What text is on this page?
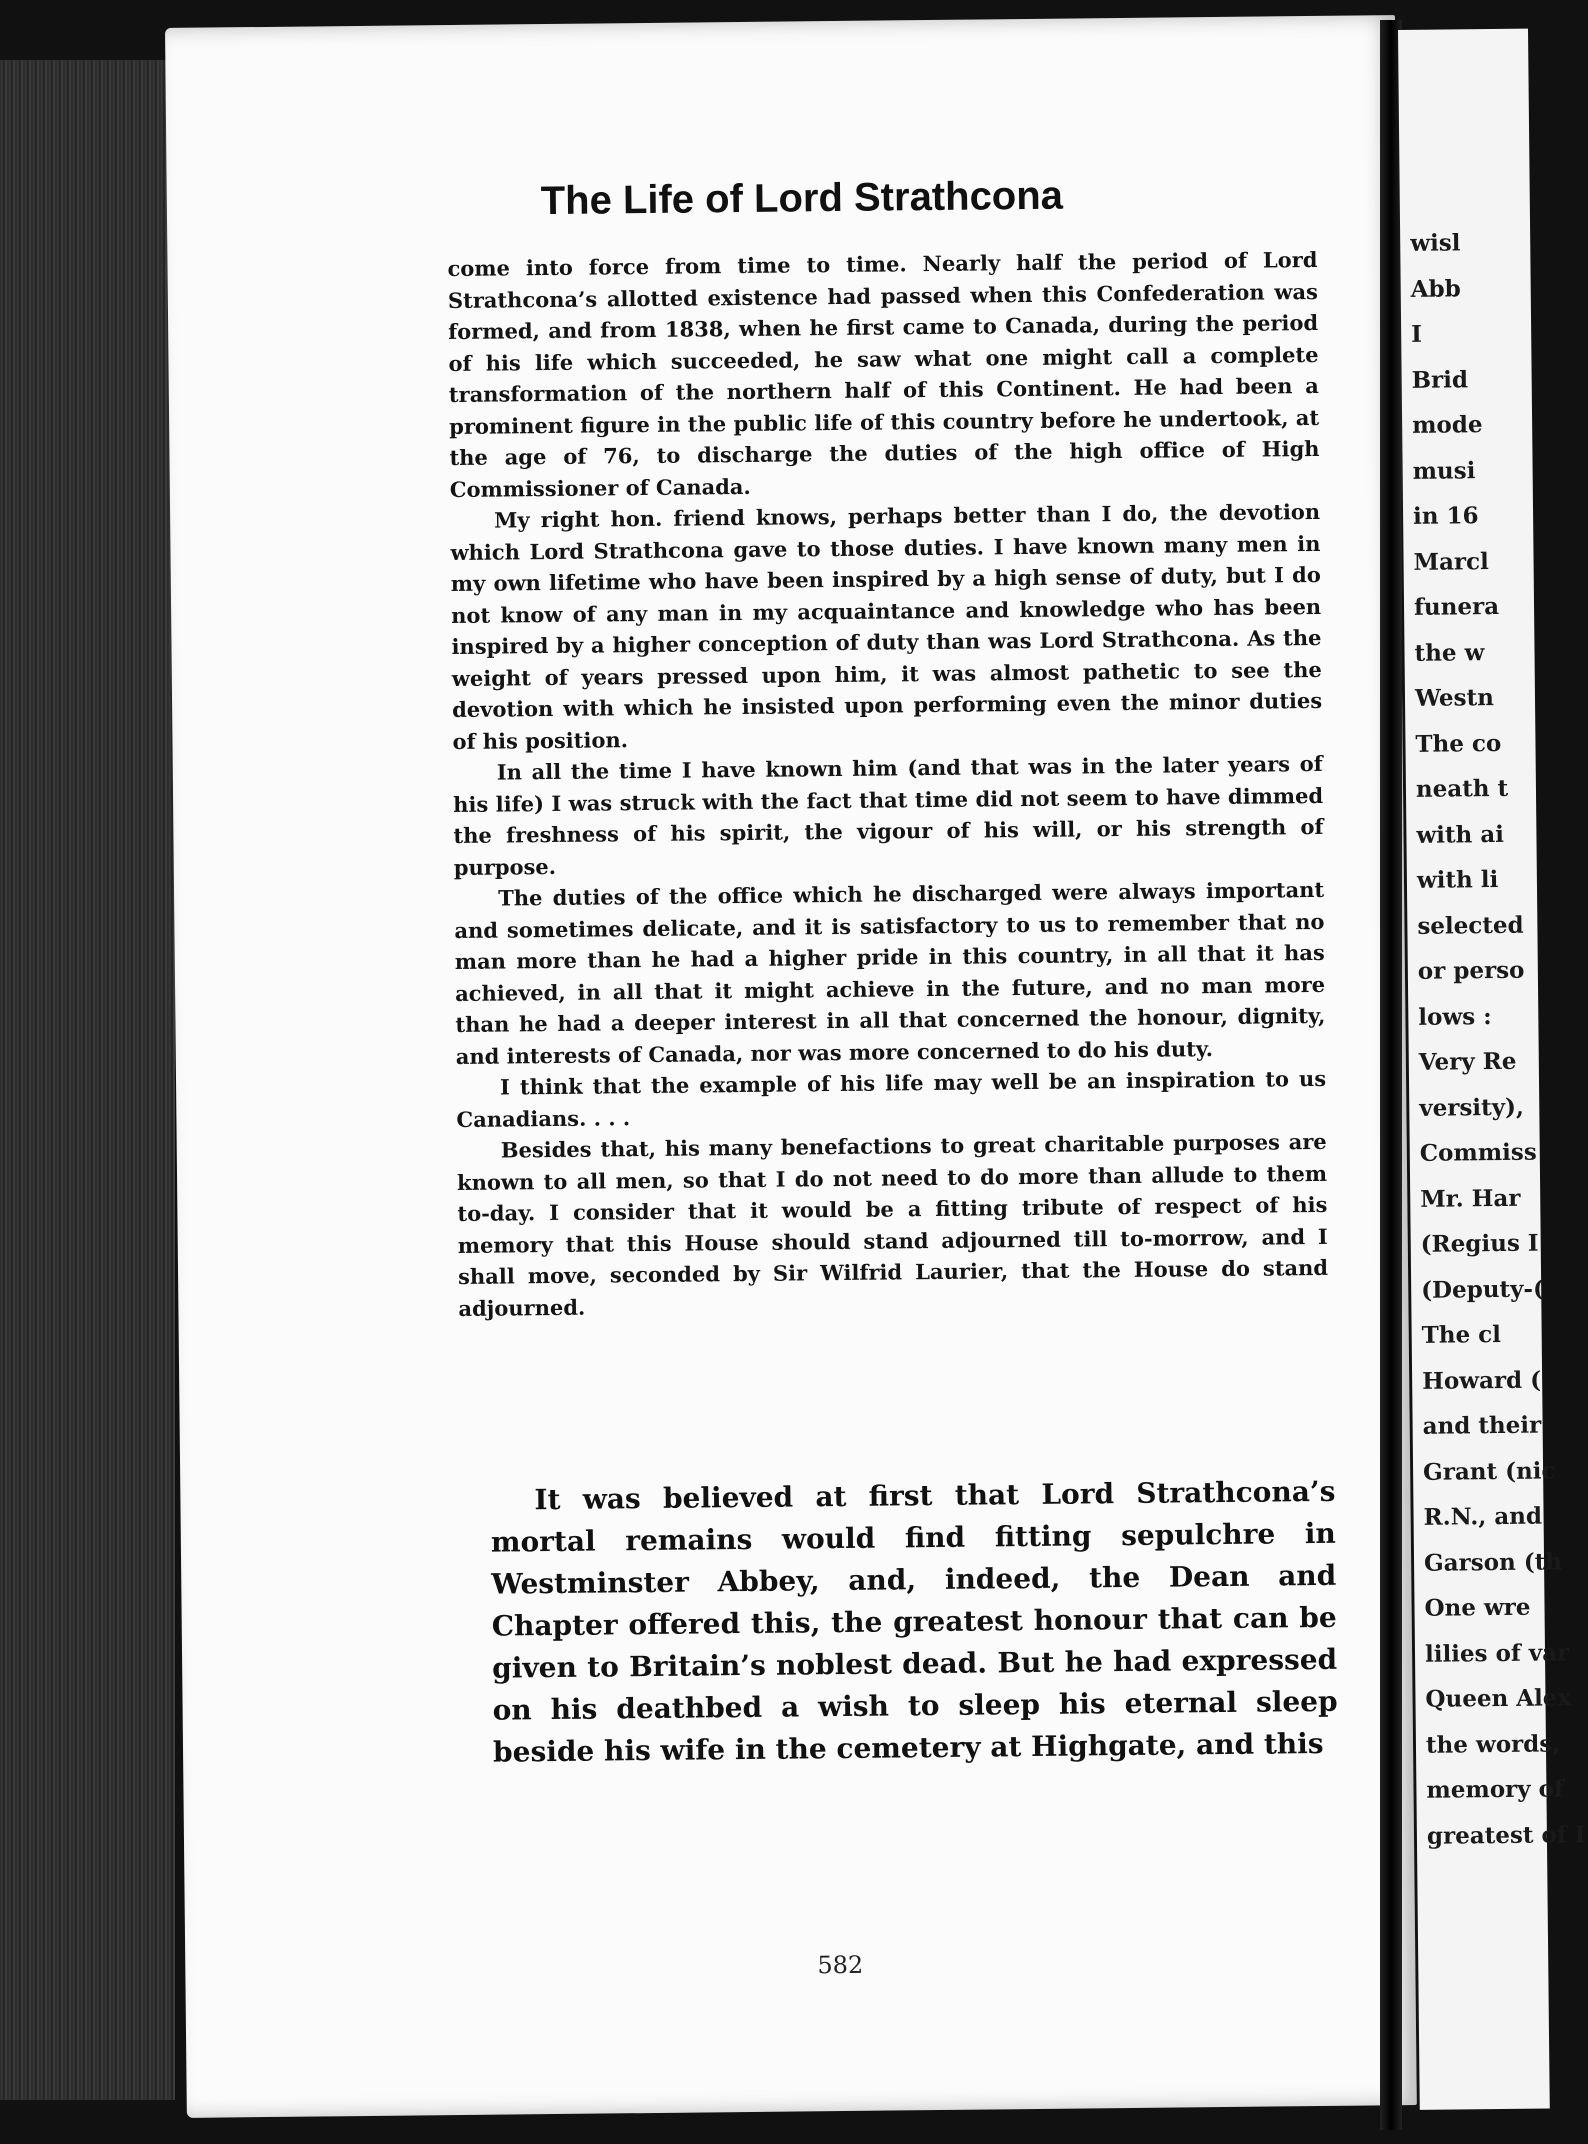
The Life of Lord Strathcona

come into force from time to time. Nearly half the period of Lord Strathcona’s allotted existence had passed when this Confederation was formed, and from 1838, when he first came to Canada, during the period of his life which succeeded, he saw what one might call a complete transformation of the northern half of this Continent. He had been a prominent figure in the public life of this country before he undertook, at the age of 76, to discharge the duties of the high office of High Commissioner of Canada.

My right hon. friend knows, perhaps better than I do, the devotion which Lord Strathcona gave to those duties. I have known many men in my own lifetime who have been inspired by a high sense of duty, but I do not know of any man in my acquaintance and knowledge who has been inspired by a higher conception of duty than was Lord Strathcona. As the weight of years pressed upon him, it was almost pathetic to see the devotion with which he insisted upon performing even the minor duties of his position.

In all the time I have known him (and that was in the later years of his life) I was struck with the fact that time did not seem to have dimmed the freshness of his spirit, the vigour of his will, or his strength of purpose.

The duties of the office which he discharged were always important and sometimes delicate, and it is satisfactory to us to remember that no man more than he had a higher pride in this country, in all that it has achieved, in all that it might achieve in the future, and no man more than he had a deeper interest in all that concerned the honour, dignity, and interests of Canada, nor was more concerned to do his duty.

I think that the example of his life may well be an inspiration to us Canadians. . . .

Besides that, his many benefactions to great charitable purposes are known to all men, so that I do not need to do more than allude to them to-day. I consider that it would be a fitting tribute of respect of his memory that this House should stand adjourned till to-morrow, and I shall move, seconded by Sir Wilfrid Laurier, that the House do stand adjourned.

It was believed at first that Lord Strathcona’s mortal remains would find fitting sepulchre in Westminster Abbey, and, indeed, the Dean and Chapter offered this, the greatest honour that can be given to Britain’s noblest dead. But he had expressed on his deathbed a wish to sleep his eternal sleep beside his wife in the cemetery at Highgate, and this
582
wisl
Abb
I
Brid
mode
musi
in 16
Marcl
funera
the w
Westn
The co
neath t
with ai
with li
selected
or perso
lows :
Very Re
versity),
Commiss
Mr. Har
(Regius I
(Deputy-(
The cl
Howard (
and their
Grant (nic
R.N., and
Garson (th
One wre
lilies of var
Queen Alex
the words,
memory of
greatest of I
